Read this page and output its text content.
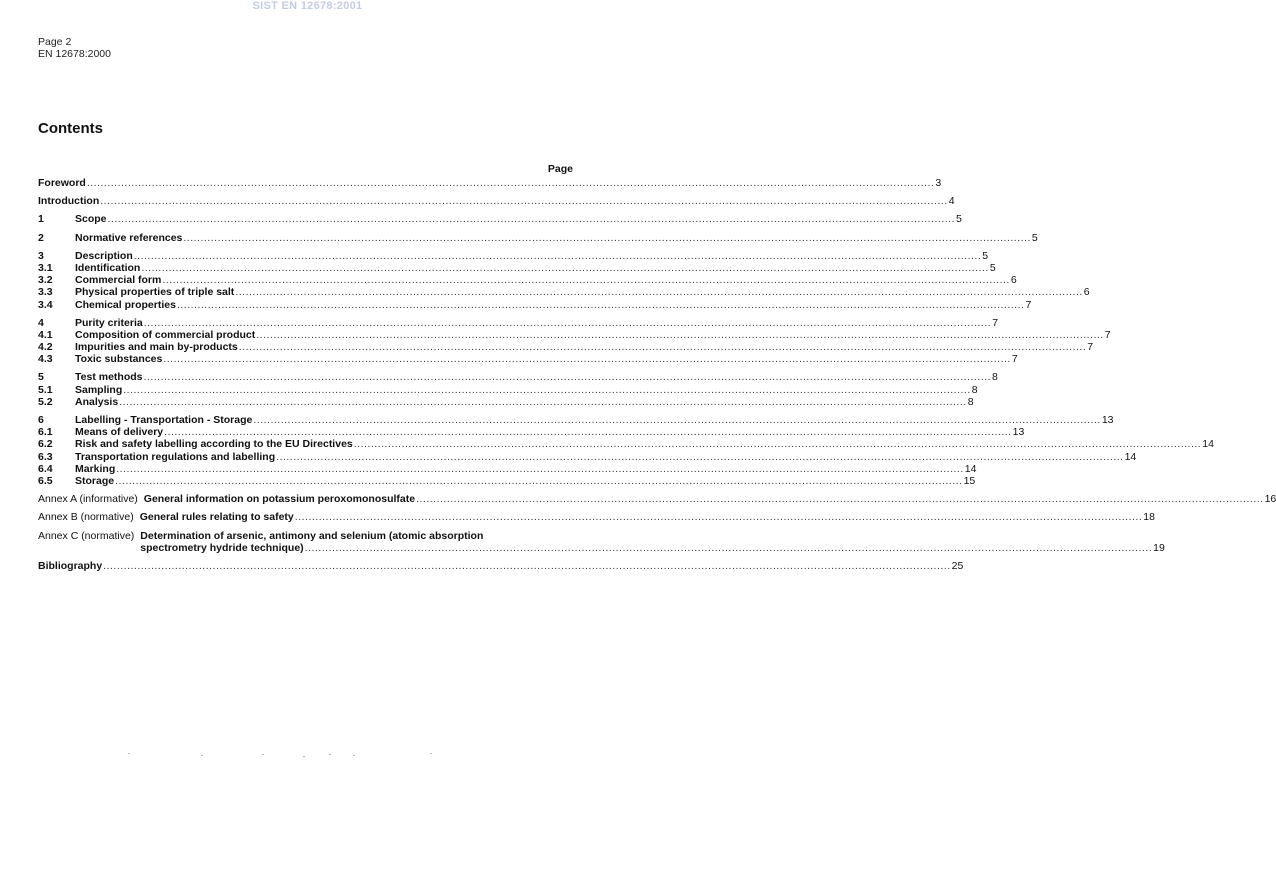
SIST EN 12678:2001
Page 2
EN 12678:2000
Contents
Page
Foreword .....	3
Introduction .....	4
1	Scope .....	5
2	Normative references .....	5
3	Description .....	5
3.1	Identification .....	5
3.2	Commercial form .....	6
3.3	Physical properties of triple salt .....	6
3.4	Chemical properties .....	7
4	Purity criteria .....	7
4.1	Composition of commercial product .....	7
4.2	Impurities and main by-products .....	7
4.3	Toxic substances .....	7
5	Test methods .....	8
5.1	Sampling .....	8
5.2	Analysis .....	8
6	Labelling - Transportation - Storage .....	13
6.1	Means of delivery .....	13
6.2	Risk and safety labelling according to the EU Directives .....	14
6.3	Transportation regulations and labelling .....	14
6.4	Marking .....	14
6.5	Storage .....	15
Annex A (informative) General information on potassium peroxomonosulfate .....	16
Annex B (normative) General rules relating to safety .....	18
Annex C (normative) Determination of arsenic, antimony and selenium (atomic absorption
spectrometry hydride technique) .....	19
Bibliography .....	25
